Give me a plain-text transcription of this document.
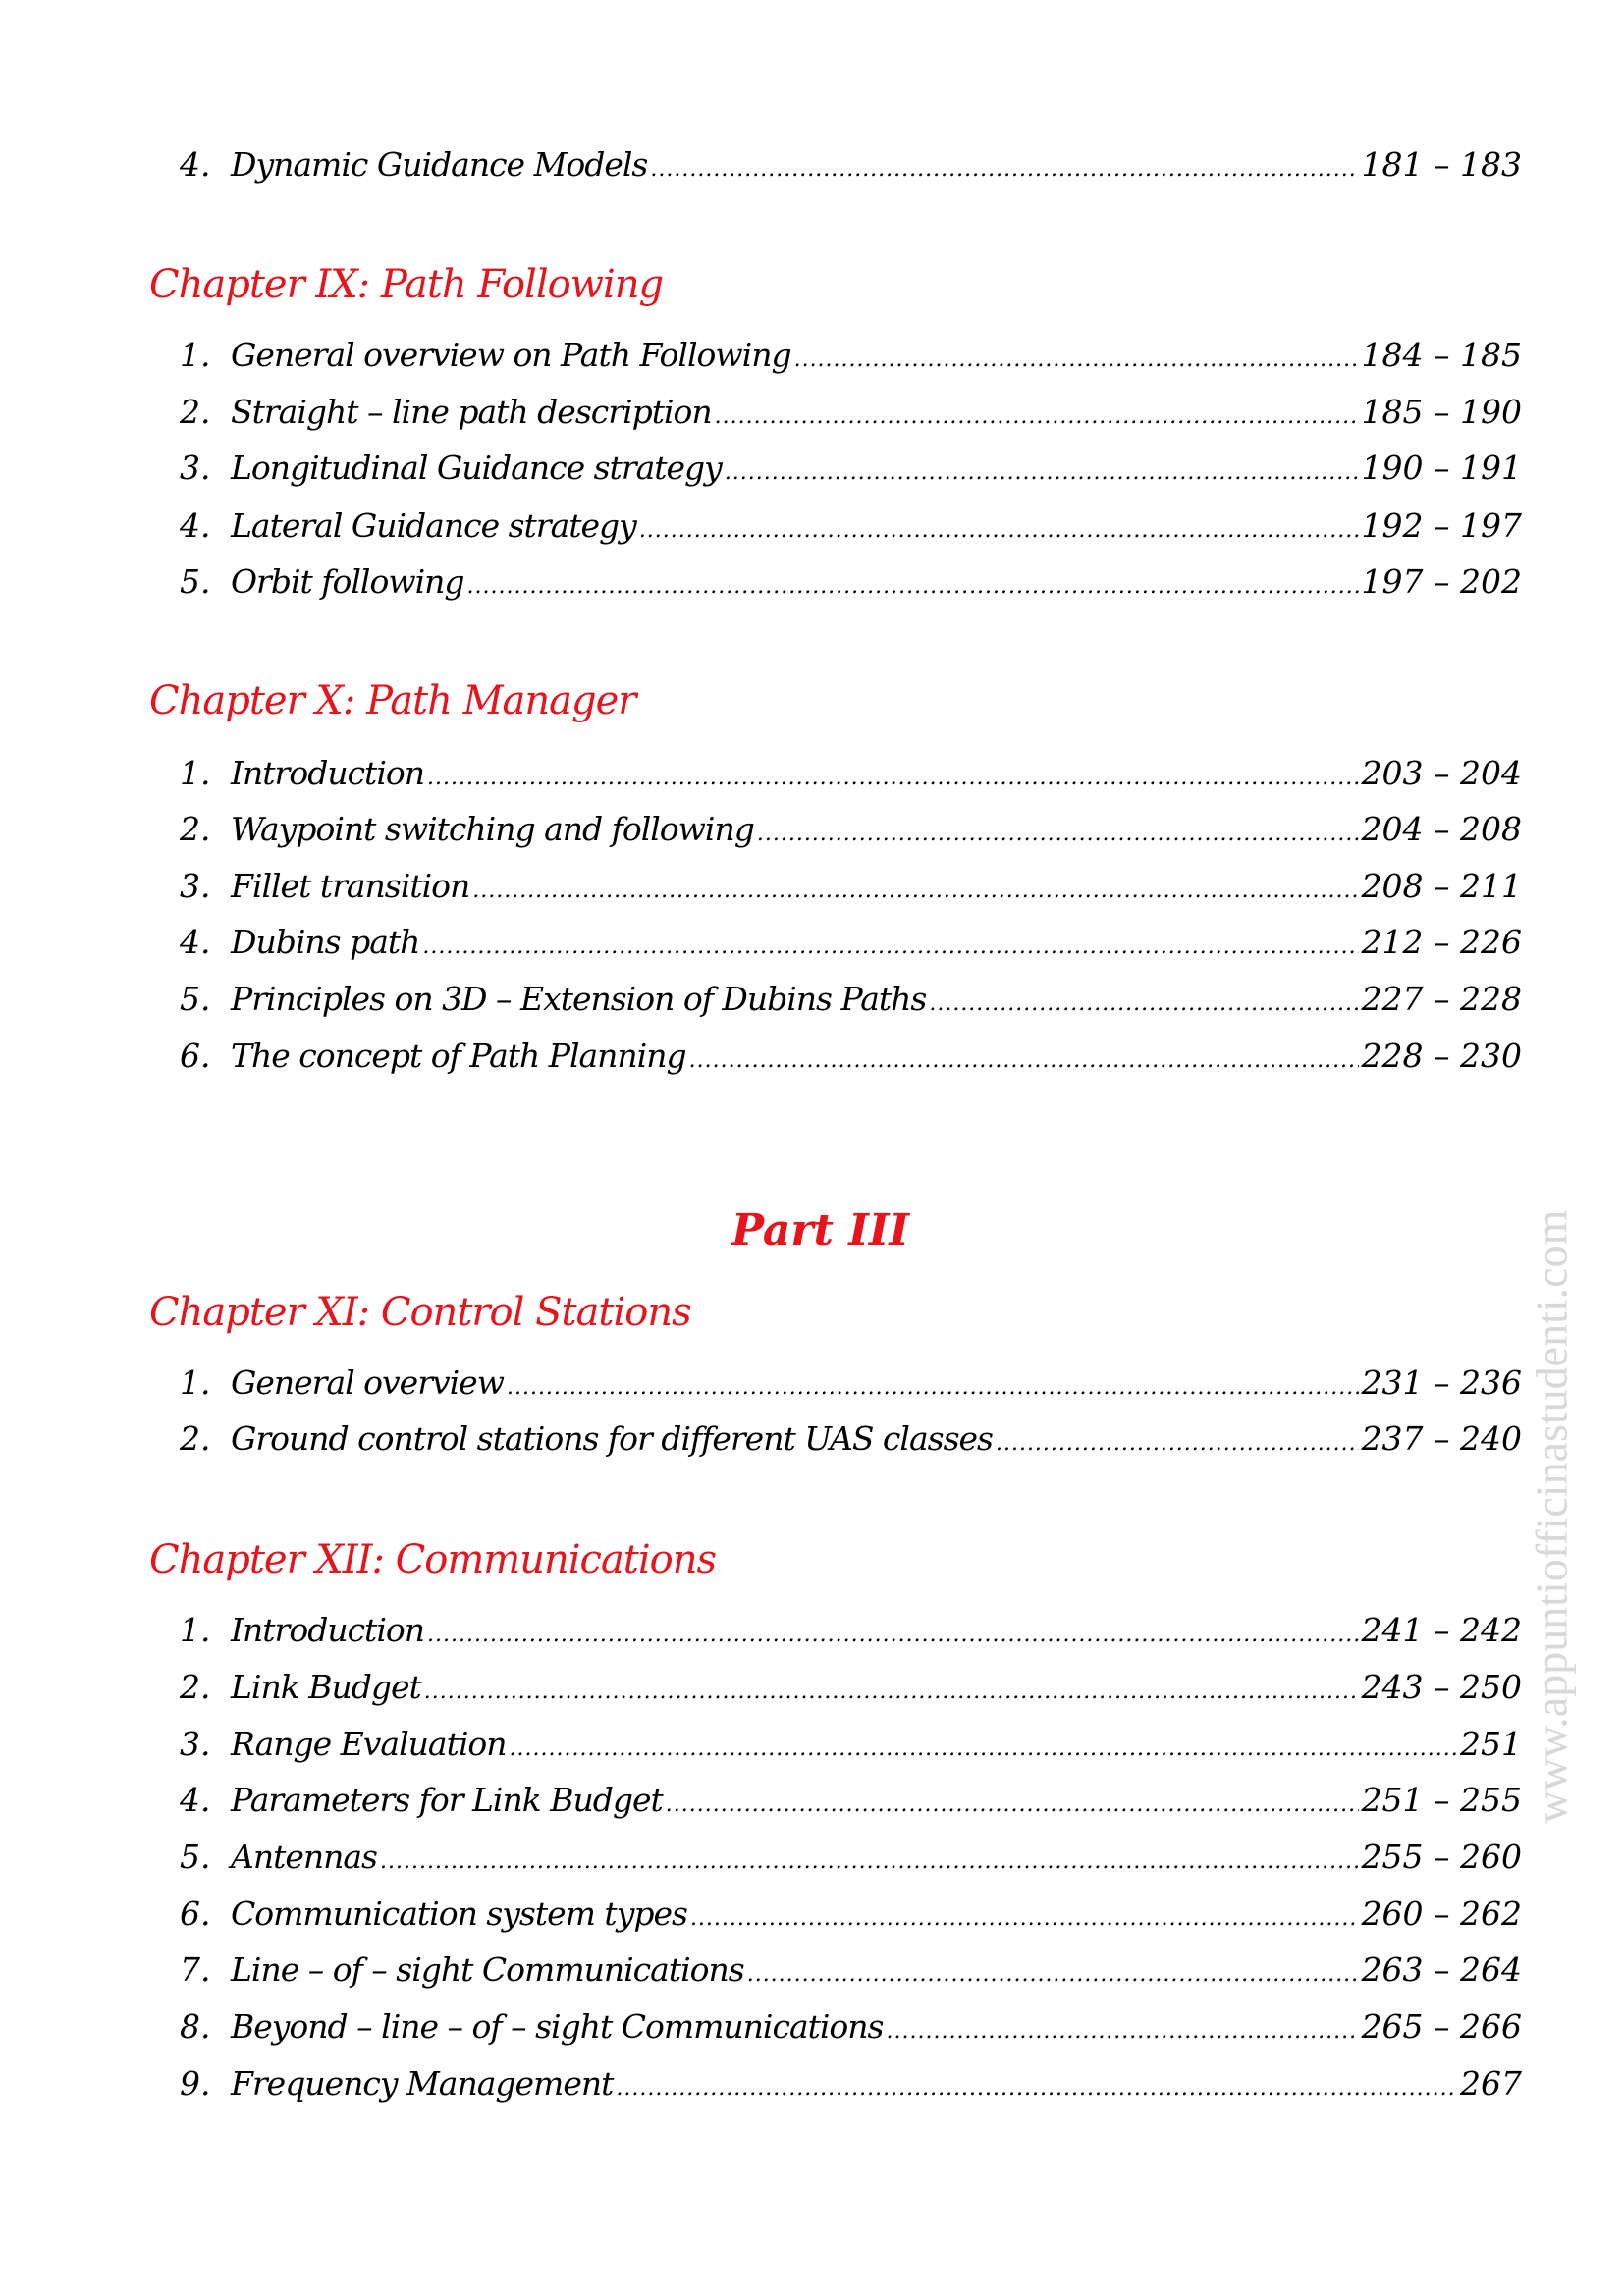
www.appuntiofficinastudenti.com
4. Dynamic Guidance Models .....	181 – 183
Chapter IX: Path Following
1. General overview on Path Following .....	184 – 185
2. Straight – line path description .....	185 – 190
3. Longitudinal Guidance strategy .....	190 – 191
4. Lateral Guidance strategy .....	192 – 197
5. Orbit following .....	197 – 202
Chapter X: Path Manager
1. Introduction .....	203 – 204
2. Waypoint switching and following .....	204 – 208
3. Fillet transition .....	208 – 211
4. Dubins path .....	212 – 226
5. Principles on 3D – Extension of Dubins Paths .....	227 – 228
6. The concept of Path Planning .....	228 – 230
Part III
Chapter XI: Control Stations
1. General overview .....	231 – 236
2. Ground control stations for different UAS classes .....	237 – 240
Chapter XII: Communications
1. Introduction .....	241 – 242
2. Link Budget .....	243 – 250
3. Range Evaluation .....	251
4. Parameters for Link Budget .....	251 – 255
5. Antennas .....	255 – 260
6. Communication system types .....	260 – 262
7. Line – of – sight Communications .....	263 – 264
8. Beyond – line – of – sight Communications .....	265 – 266
9. Frequency Management .....	267
